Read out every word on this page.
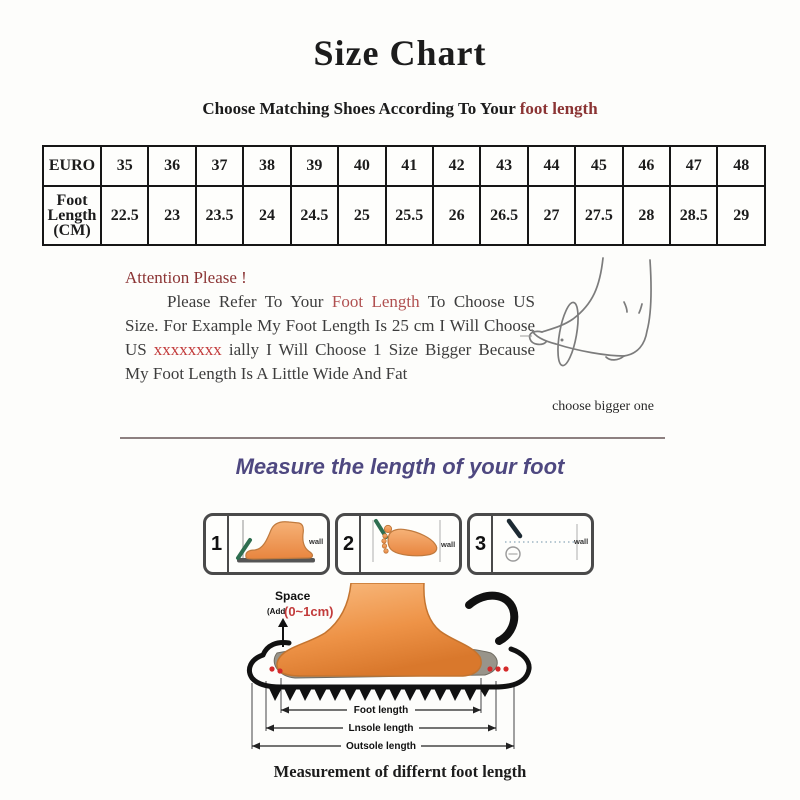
Size Chart
Choose Matching Shoes According To Your foot length
EURO	35	36	37	38	39	40	41	42	43	44	45	46	47	48
Foot Length (CM)	22.5	23	23.5	24	24.5	25	25.5	26	26.5	27	27.5	28	28.5	29

Attention Please !

Please Refer To Your Foot Length To Choose US Size. For Example My Foot Length Is 25 cm I Will Choose US xxxxxxxx ially I Will Choose 1 Size Bigger Because My Foot Length Is A Little Wide And Fat

choose bigger one
Measure the length of your foot
1	wall 2	wall 3	wall
Space
(Add
(0~1cm)
Foot length
Lnsole length
Outsole length
Measurement of differnt foot length
